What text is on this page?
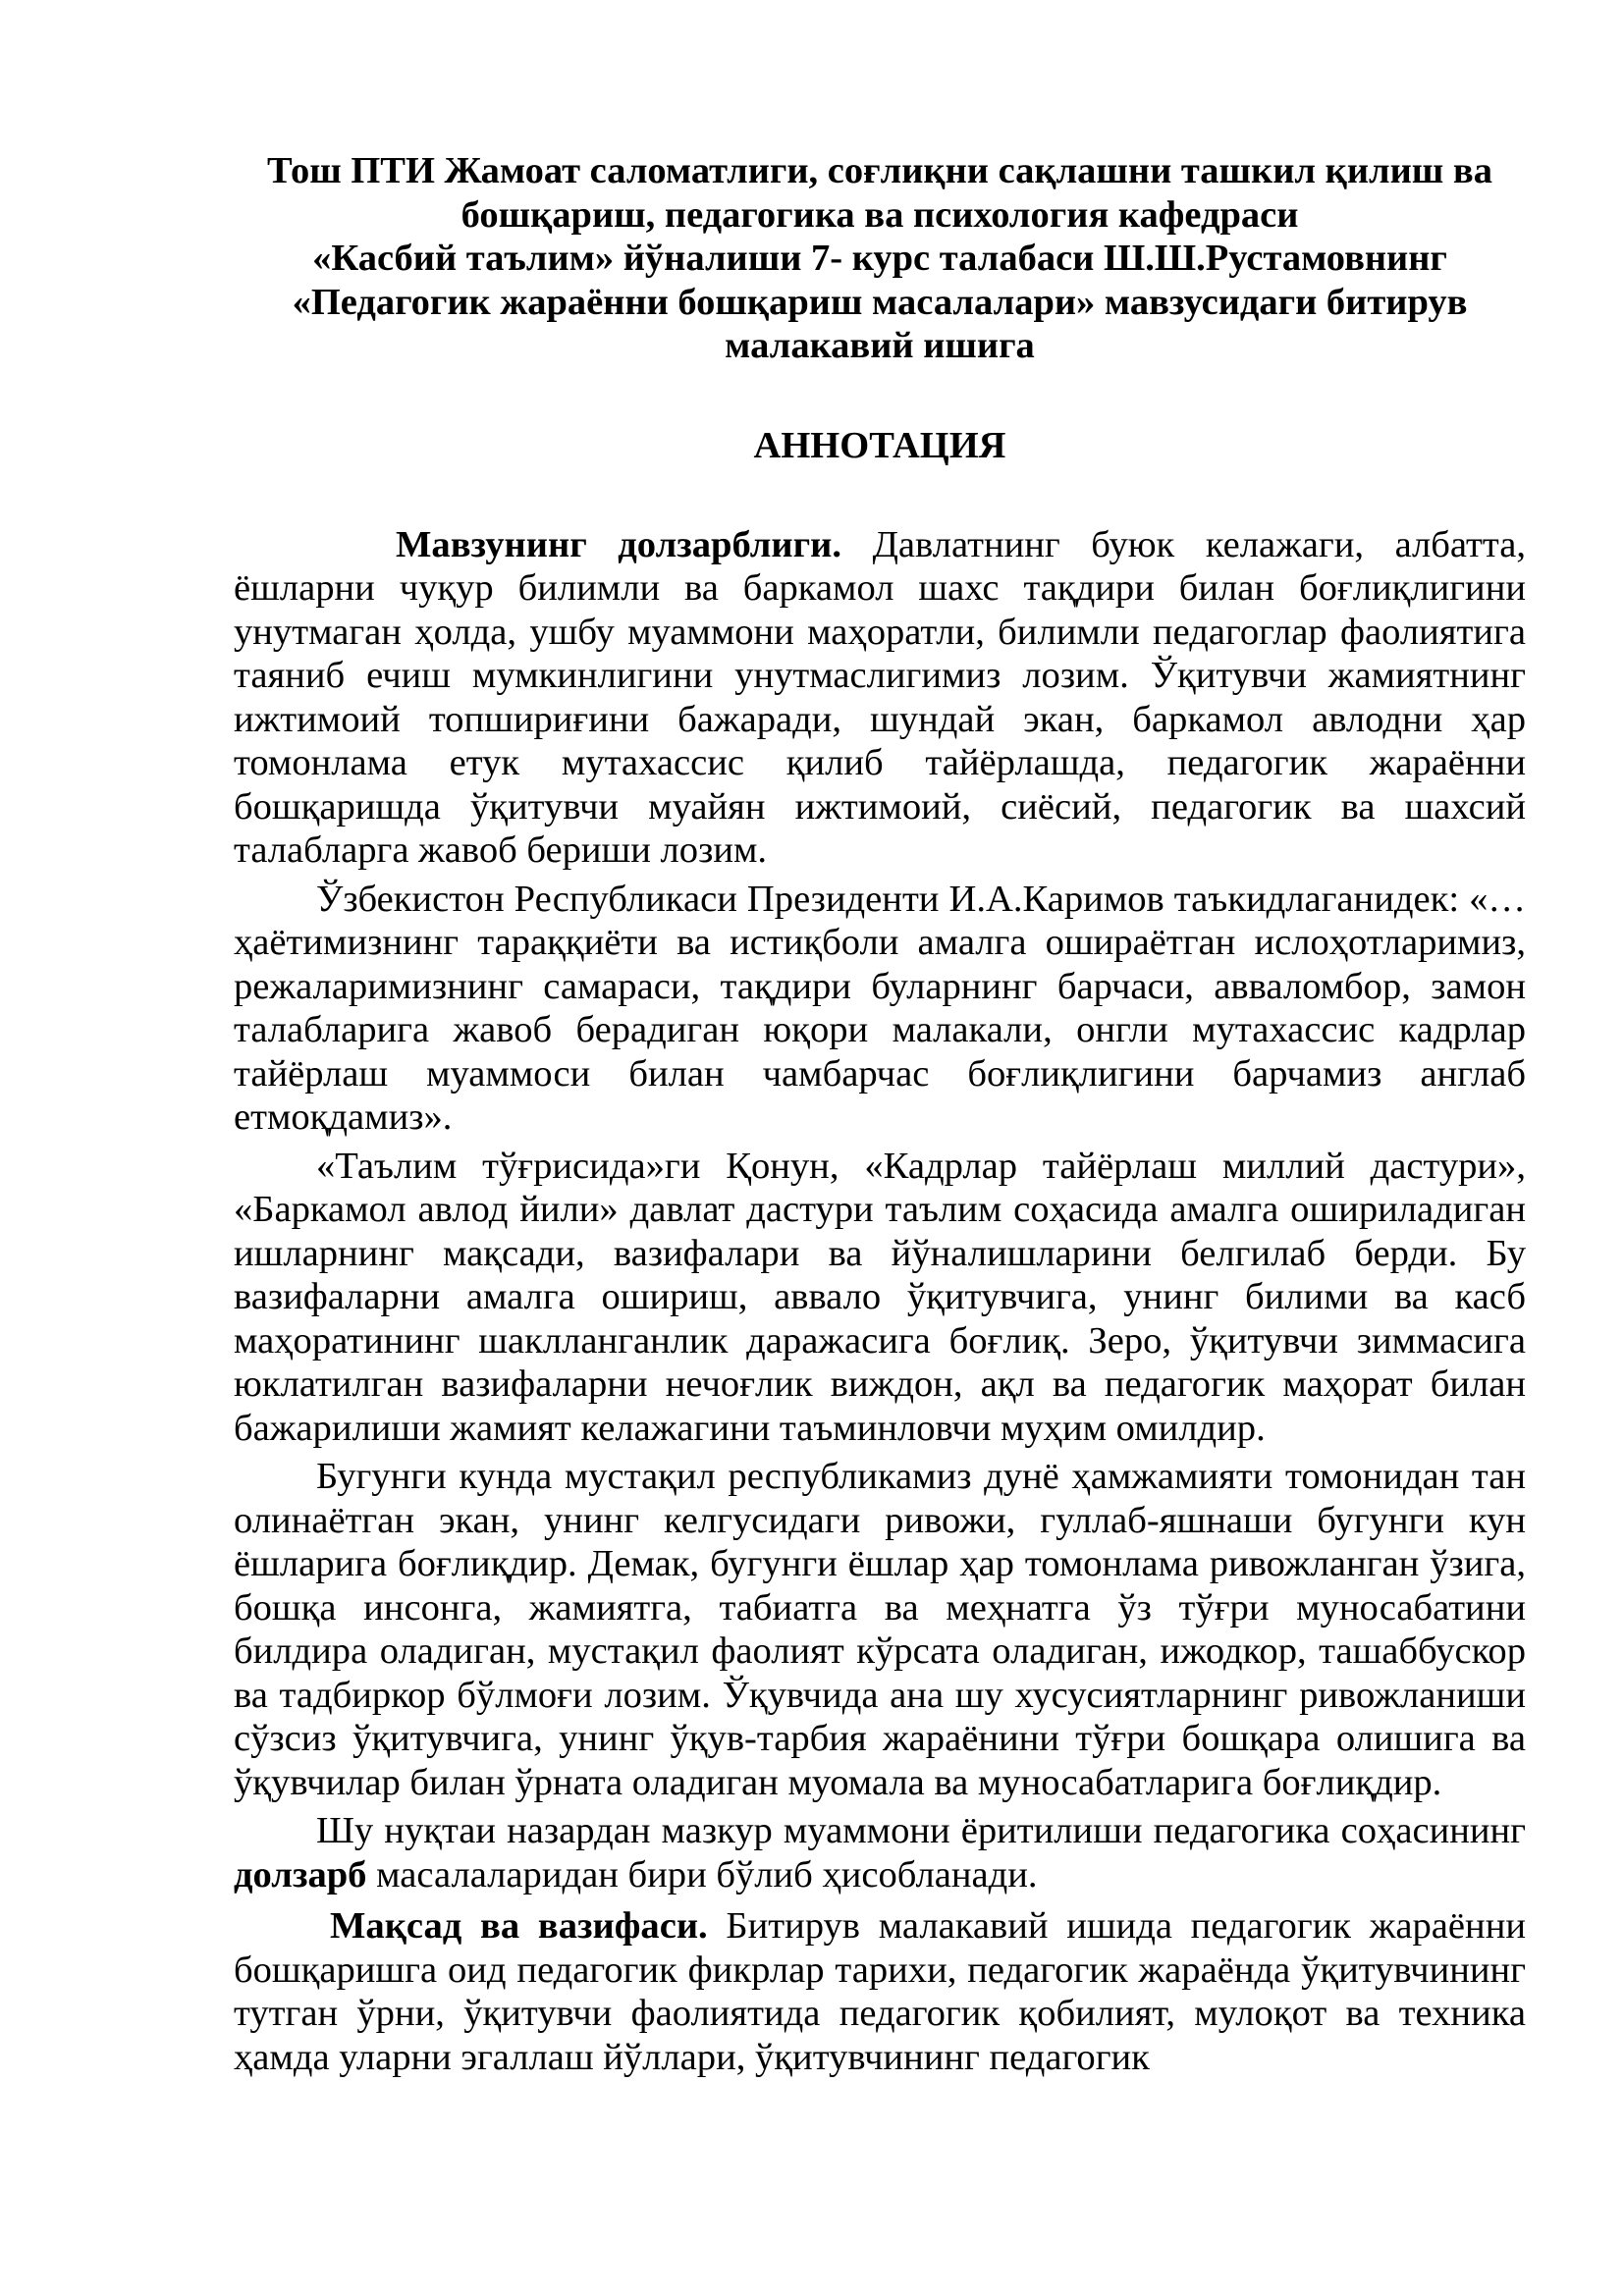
Тош ПТИ Жамоат саломатлиги, соғлиқни сақлашни ташкил қилиш ва
бошқариш, педагогика ва психология кафедраси
«Касбий таълим» йўналиши 7- курс талабаси Ш.Ш.Рустамовнинг
«Педагогик жараённи бошқариш масалалари» мавзусидаги битирув
малакавий ишига
АННОТАЦИЯ

Мавзунинг долзарблиги. Давлатнинг буюк келажаги, албатта, ёшларни чуқур билимли ва баркамол шахс тақдири билан боғлиқлигини унутмаган ҳолда, ушбу муаммони маҳоратли, билимли педагоглар фаолиятига таяниб ечиш мумкинлигини унутмаслигимиз лозим. Ўқитувчи жамиятнинг ижтимоий топшириғини бажаради, шундай экан, баркамол авлодни ҳар томонлама етук мутахассис қилиб тайёрлашда, педагогик жараённи бошқаришда ўқитувчи муайян ижтимоий, сиёсий, педагогик ва шахсий талабларга жавоб бериши лозим.

Ўзбекистон Республикаси Президенти И.А.Каримов таъкидлаганидек: «…ҳаётимизнинг тараққиёти ва истиқболи амалга ошираётган ислоҳотларимиз, режаларимизнинг самараси, тақдири буларнинг барчаси, авваломбор, замон талабларига жавоб берадиган юқори малакали, онгли мутахассис кадрлар тайёрлаш муаммоси билан чамбарчас боғлиқлигини барчамиз англаб етмоқдамиз».

«Таълим тўғрисида»ги Қонун, «Кадрлар тайёрлаш миллий дастури», «Баркамол авлод йили» давлат дастури таълим соҳасида амалга ошириладиган ишларнинг мақсади, вазифалари ва йўналишларини белгилаб берди. Бу вазифаларни амалга ошириш, аввало ўқитувчига, унинг билими ва касб маҳоратининг шаклланганлик даражасига боғлиқ. Зеро, ўқитувчи зиммасига юклатилган вазифаларни нечоғлик виждон, ақл ва педагогик маҳорат билан бажарилиши жамият келажагини таъминловчи муҳим омилдир.

Бугунги кунда мустақил республикамиз дунё ҳамжамияти томонидан тан олинаётган экан, унинг келгусидаги ривожи, гуллаб-яшнаши бугунги кун ёшларига боғлиқдир. Демак, бугунги ёшлар ҳар томонлама ривожланган ўзига, бошқа инсонга, жамиятга, табиатга ва меҳнатга ўз тўғри муносабатини билдира оладиган, мустақил фаолият кўрсата оладиган, ижодкор, ташаббускор ва тадбиркор бўлмоғи лозим. Ўқувчида ана шу хусусиятларнинг ривожланиши сўзсиз ўқитувчига, унинг ўқув-тарбия жараёнини тўғри бошқара олишига ва ўқувчилар билан ўрната оладиган муомала ва муносабатларига боғлиқдир.

Шу нуқтаи назардан мазкур муаммони ёритилиши педагогика соҳасининг долзарб масалаларидан бири бўлиб ҳисобланади.

Мақсад ва вазифаси. Битирув малакавий ишида педагогик жараённи бошқаришга оид педагогик фикрлар тарихи, педагогик жараёнда ўқитувчининг тутган ўрни, ўқитувчи фаолиятида педагогик қобилият, мулоқот ва техника ҳамда уларни эгаллаш йўллари, ўқитувчининг педагогик
